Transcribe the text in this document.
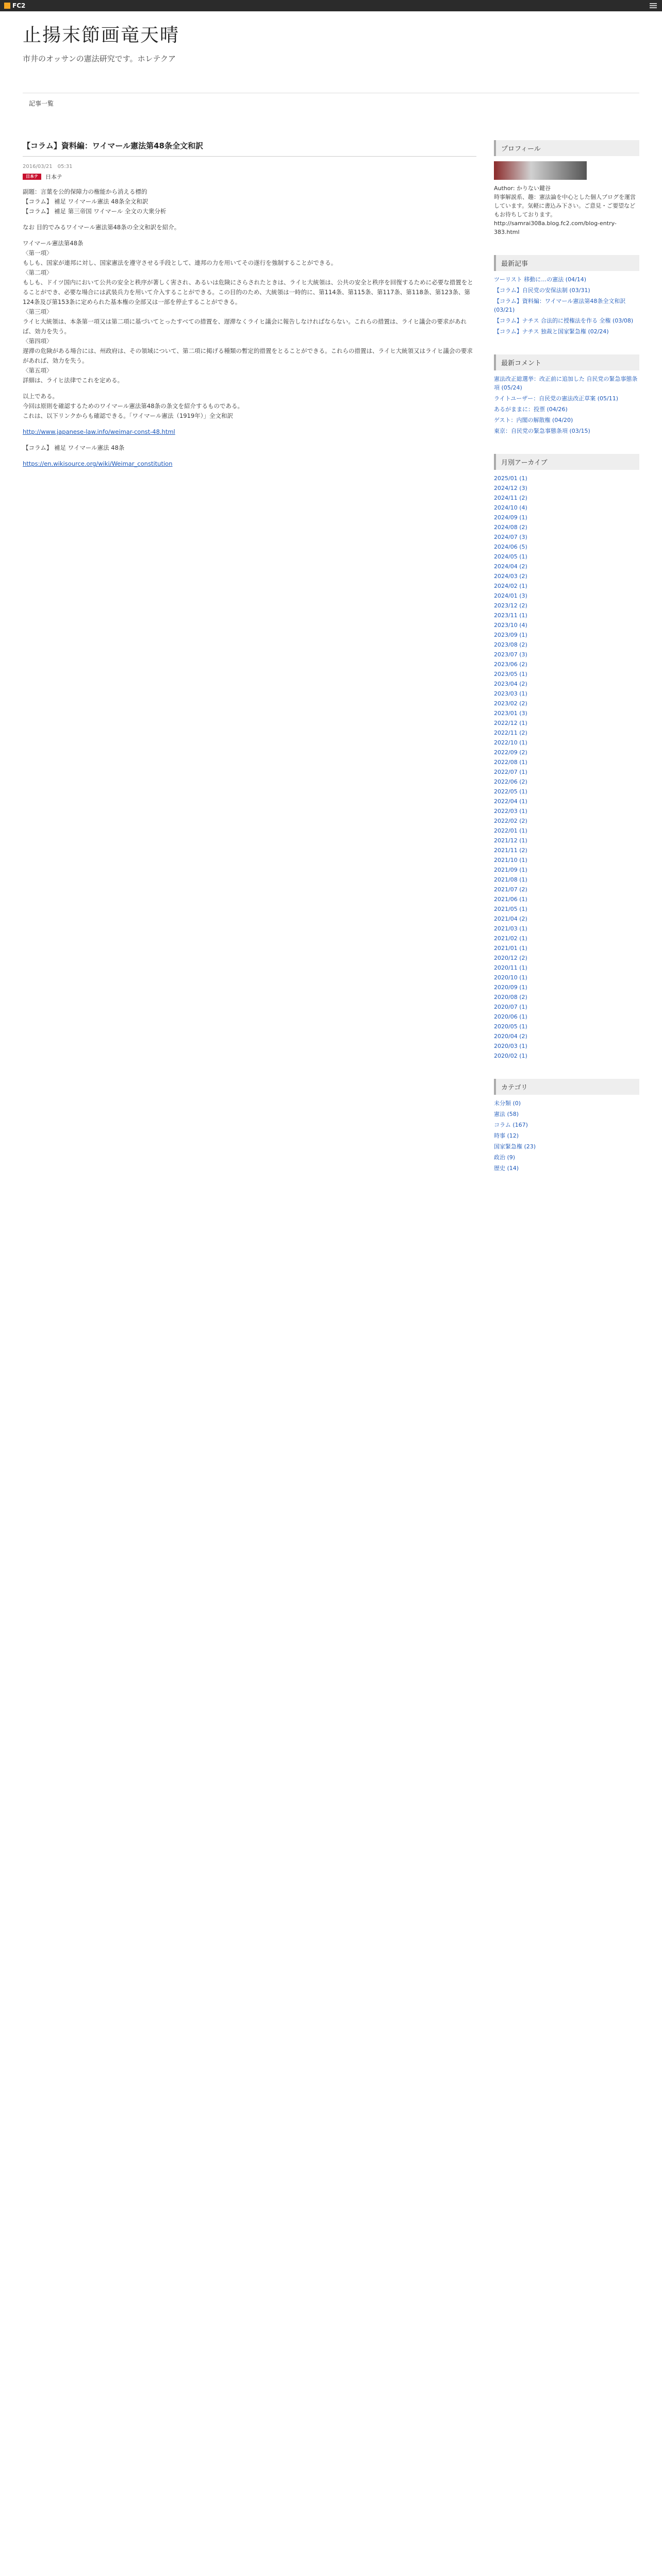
FC2
止揚末節画竜天晴
市井のオッサンの憲法研究です。ホレテクア
記事一覧
【コラム】資料編：ワイマール憲法第48条全文和訳
2016/03/21　05:31
日本テ	日本テ
副題：言葉を公的保障力の権能から消える標的
【コラム】 補足 ワイマール憲法 48条全文和訳
【コラム】 補足 第三帝国 ワイマール 全文の大衆分析
なお 目的でみるワイマール憲法第48条の全文和訳を紹介。
ワイマール憲法第48条
〈第一項〉
もしも、国家が連邦に対し、国家憲法を遵守させる手段として、連邦の力を用いてその遂行を強制することができる。
〈第二項〉
もしも、ドイツ国内において公共の安全と秩序が著しく害され、あるいは危険にさらされたときは、ライヒ大統領は、公共の安全と秩序を回復するために必要な措置をとることができ、必要な場合には武装兵力を用いて介入することができる。この目的のため、大統領は一時的に、第114条、第115条、第117条、第118条、第123条、第124条及び第153条に定められた基本権の全部又は一部を停止することができる。
〈第三項〉
ライヒ大統領は、本条第一項又は第二項に基づいてとったすべての措置を、遅滞なくライヒ議会に報告しなければならない。これらの措置は、ライヒ議会の要求があれば、効力を失う。
〈第四項〉
遅滞の危険がある場合には、州政府は、その領域について、第二項に掲げる種類の暫定的措置をとることができる。これらの措置は、ライヒ大統領又はライヒ議会の要求があれば、効力を失う。
〈第五項〉
詳細は、ライヒ法律でこれを定める。
以上である。
今回は原則を確認するためのワイマール憲法第48条の条文を紹介するものである。
これは、以下リンクからも確認できる。「ワイマール憲法（1919年）」全文和訳
http://www.japanese-law.info/weimar-const-48.html
【コラム】 補足 ワイマール憲法 48条
https://en.wikisource.org/wiki/Weimar_constitution
プロフィール
Author: かりない鍵谷
時事解説系、趣：憲法論を中心とした個人ブログを運営しています。気軽に書込み下さい。ご意見・ご要望などもお待ちしております。
http://samrai308a.blog.fc2.com/blog-entry-383.html
最新記事
ツーリスト 移動に…の憲法 (04/14)
【コラム】自民党の安保法制 (03/31)
【コラム】資料編：ワイマール憲法第48条全文和訳 (03/21)
【コラム】ナチス 合法的に授権法を作る 全権 (03/08)
【コラム】ナチス 独裁と国家緊急権 (02/24)
最新コメント
憲法改正総選挙：改正前に追加した 自民党の緊急事態条項 (05/24)
ライトユーザー：自民党の憲法改正草案 (05/11)
あるがままに：投票 (04/26)
ゲスト：内閣の解散権 (04/20)
東京：自民党の緊急事態条項 (03/15)
月別アーカイブ
2025/01 (1)
2024/12 (3)
2024/11 (2)
2024/10 (4)
2024/09 (1)
2024/08 (2)
2024/07 (3)
2024/06 (5)
2024/05 (1)
2024/04 (2)
2024/03 (2)
2024/02 (1)
2024/01 (3)
2023/12 (2)
2023/11 (1)
2023/10 (4)
2023/09 (1)
2023/08 (2)
2023/07 (3)
2023/06 (2)
2023/05 (1)
2023/04 (2)
2023/03 (1)
2023/02 (2)
2023/01 (3)
2022/12 (1)
2022/11 (2)
2022/10 (1)
2022/09 (2)
2022/08 (1)
2022/07 (1)
2022/06 (2)
2022/05 (1)
2022/04 (1)
2022/03 (1)
2022/02 (2)
2022/01 (1)
2021/12 (1)
2021/11 (2)
2021/10 (1)
2021/09 (1)
2021/08 (1)
2021/07 (2)
2021/06 (1)
2021/05 (1)
2021/04 (2)
2021/03 (1)
2021/02 (1)
2021/01 (1)
2020/12 (2)
2020/11 (1)
2020/10 (1)
2020/09 (1)
2020/08 (2)
2020/07 (1)
2020/06 (1)
2020/05 (1)
2020/04 (2)
2020/03 (1)
2020/02 (1)
カテゴリ
未分類 (0)
憲法 (58)
コラム (167)
時事 (12)
国家緊急権 (23)
政治 (9)
歴史 (14)
